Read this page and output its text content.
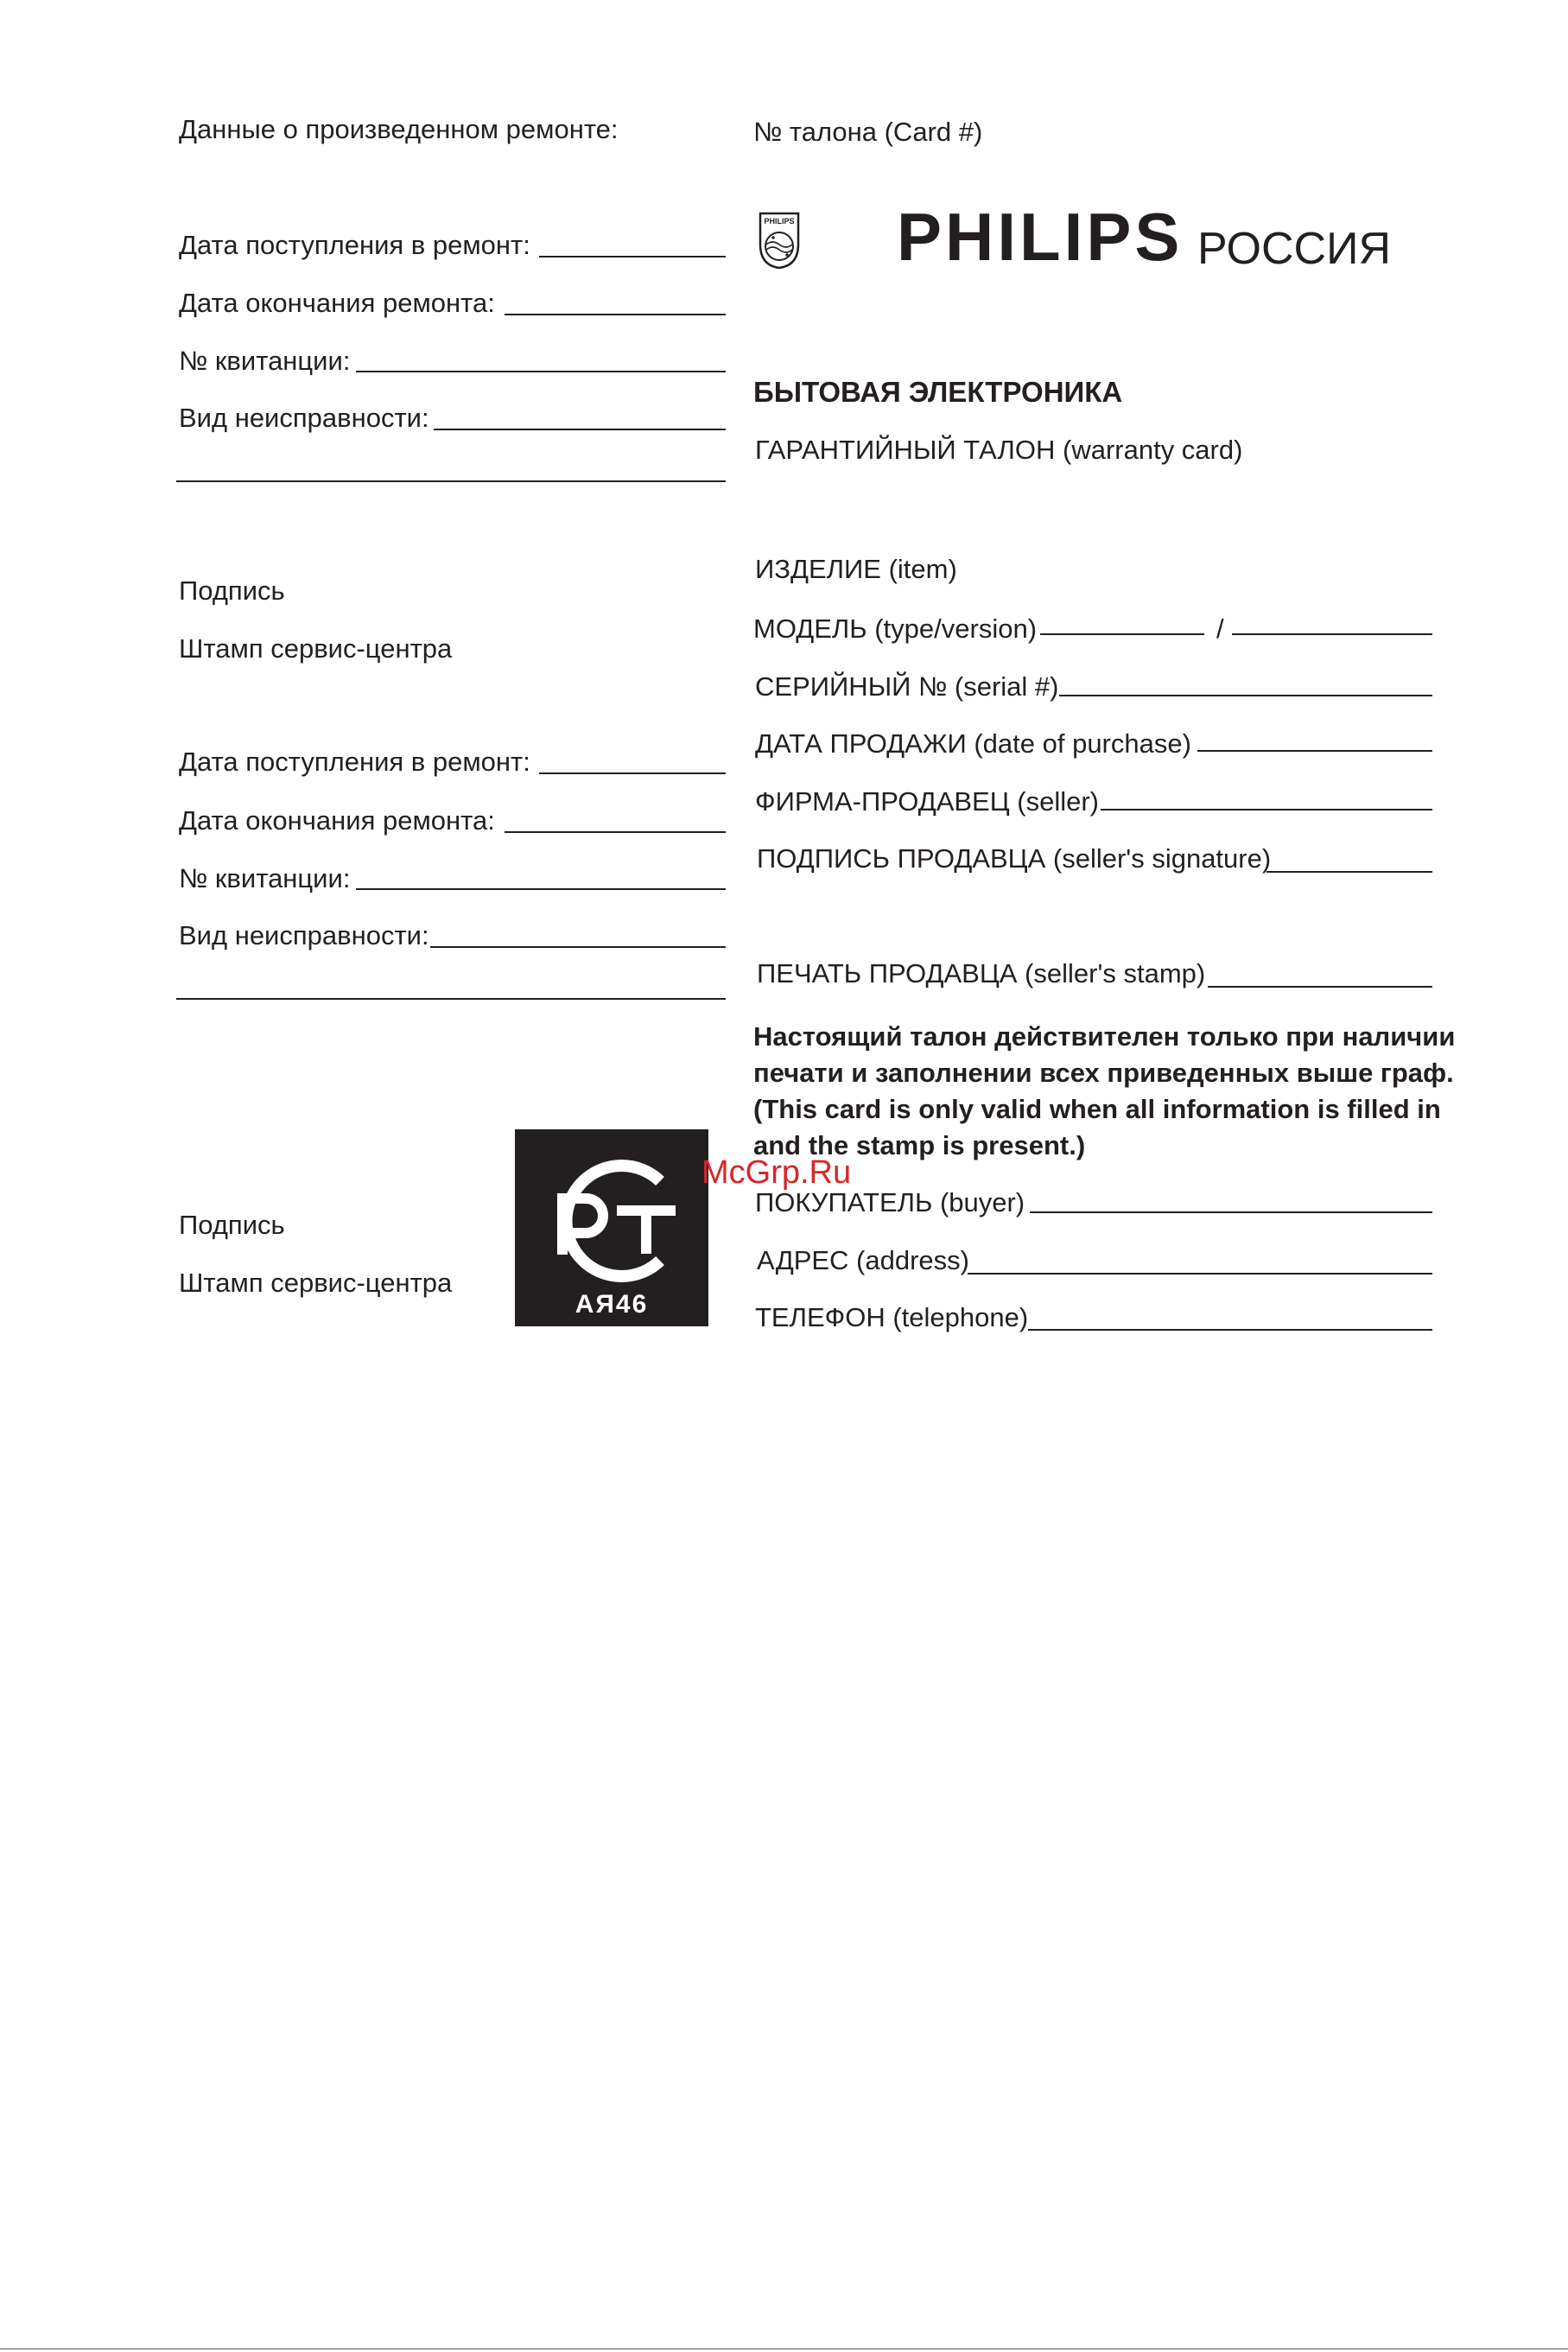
Данные о произведенном ремонте:
Дата поступления в ремонт:
Дата окончания ремонта:
№ квитанции:
Вид неисправности:
Подпись
Штамп сервис-центра
Дата поступления в ремонт:
Дата окончания ремонта:
№ квитанции:
Вид неисправности:
Подпись
Штамп сервис-центра
АЯ46
McGrp.Ru
№ талона (Card #)
PHILIPS PHILIPS РОССИЯ
БЫТОВАЯ ЭЛЕКТРОНИКА
ГАРАНТИЙНЫЙ ТАЛОН (warranty card)
ИЗДЕЛИЕ (item)
МОДЕЛЬ (type/version)	/
СЕРИЙНЫЙ № (serial #)
ДАТА ПРОДАЖИ (date of purchase)
ФИРМА-ПРОДАВЕЦ (seller)
ПОДПИСЬ ПРОДАВЦА (seller's signature)
ПЕЧАТЬ ПРОДАВЦА (seller's stamp)
Настоящий талон действителен только при наличии
печати и заполнении всех приведенных выше граф.
(This card is only valid when all information is filled in
and the stamp is present.)
ПОКУПАТЕЛЬ (buyer)
АДРЕС (address)
ТЕЛЕФОН (telephone)
